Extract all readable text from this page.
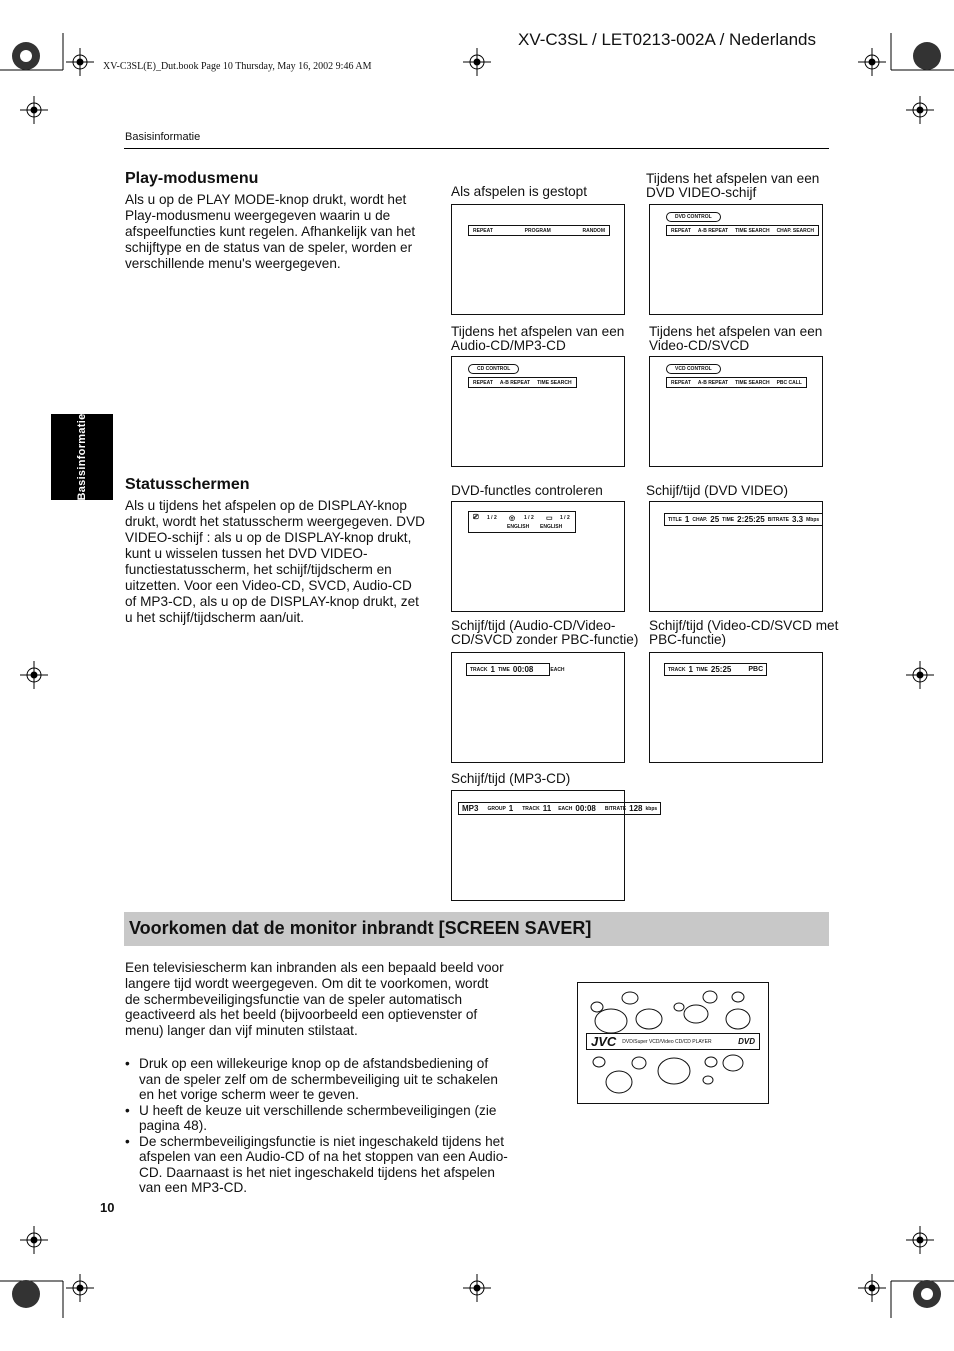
XV-C3SL / LET0213-002A / Nederlands
XV-C3SL(E)_Dut.book Page 10 Thursday, May 16, 2002 9:46 AM
Basisinformatie
Basisinformatie
Play-modusmenu
Als u op de PLAY MODE-knop drukt, wordt het Play-modusmenu weergegeven waarin u de afspeelfuncties kunt regelen. Afhankelijk van het schijftype en de status van de speler, worden er verschillende menu's weergegeven.
Statusschermen
Als u tijdens het afspelen op de DISPLAY-knop drukt, wordt het statusscherm weergegeven. DVD VIDEO-schijf : als u op de DISPLAY-knop drukt, kunt u wisselen tussen het DVD VIDEO-functiestatusscherm, het schijf/tijdscherm en uitzetten. Voor een Video-CD, SVCD, Audio-CD of MP3-CD, als u op de DISPLAY-knop drukt, zet u het schijf/tijdscherm aan/uit.
Als afspelen is gestopt
REPEAT	PROGRAM	RANDOM
Tijdens het afspelen van een DVD VIDEO-schijf
DVD CONTROL
REPEAT A-B REPEAT TIME SEARCH CHAP. SEARCH
Tijdens het afspelen van een Audio-CD/MP3-CD
CD CONTROL
REPEAT A-B REPEAT TIME SEARCH
Tijdens het afspelen van een Video-CD/SVCD
VCD CONTROL
REPEAT A-B REPEAT TIME SEARCH PBC CALL
DVD-functles controleren
⎚ 1 / 2 ◎ 1 / 2 ▭ 1 / 2
ENGLISH ENGLISH
Schijf/tijd (DVD VIDEO)
TITLE 1 CHAP. 25 TIME 2:25:25 BITRATE 3.3 Mbps
Schijf/tijd (Audio-CD/Video-CD/SVCD zonder PBC-functie)
TRACK 1 TIME 00:08	EACH
Schijf/tijd (Video-CD/SVCD met PBC-functie)
TRACK 1 TIME 25:25 PBC
Schijf/tijd (MP3-CD)
MP3 GROUP 1 TRACK 11 EACH 00:08 BITRATE 128 kbps
Voorkomen dat de monitor inbrandt [SCREEN SAVER]
Een televisiescherm kan inbranden als een bepaald beeld voor langere tijd wordt weergegeven. Om dit te voorkomen, wordt de schermbeveiligingsfunctie van de speler automatisch geactiveerd als het beeld (bijvoorbeeld een optievenster of menu) langer dan vijf minuten stilstaat.
• Druk op een willekeurige knop op de afstandsbediening of van de speler zelf om de schermbeveiliging uit te schakelen en het vorige scherm weer te geven.
• U heeft de keuze uit verschillende schermbeveiligingen (zie pagina 48).
• De schermbeveiligingsfunctie is niet ingeschakeld tijdens het afspelen van een Audio-CD of na het stoppen van een Audio-CD. Daarnaast is het niet ingeschakeld tijdens het afspelen van een MP3-CD.
JVC DVD/Super VCD/Video CD/CD PLAYER	DVD
10
